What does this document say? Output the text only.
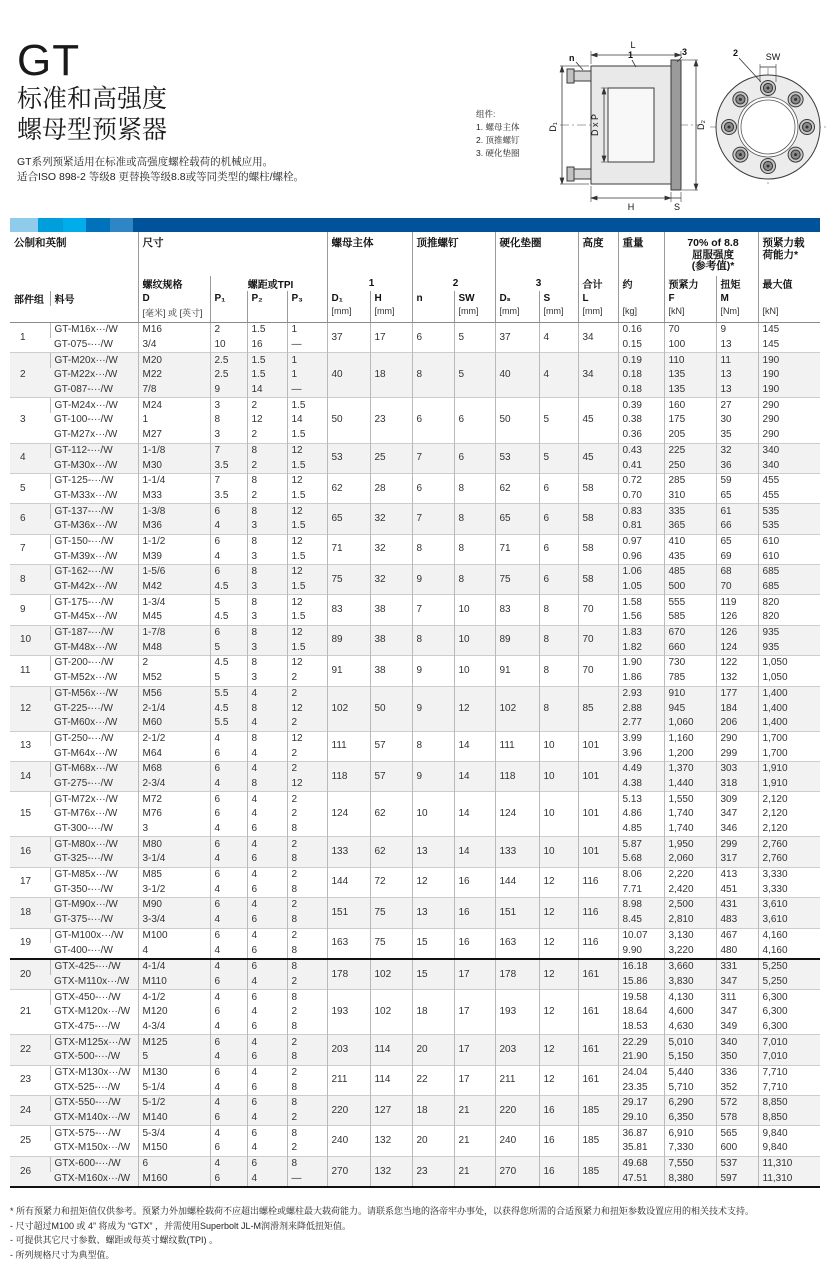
GT
标准和高强度
螺母型预紧器
GT系列预紧适用在标准或高强度螺栓载荷的机械应用。
适合ISO 898-2 等级8 更替换等级8.8或等同类型的螺柱/螺栓。
组件:
1. 螺母主体
2. 顶推螺钉
3. 硬化垫圈
L
n	1	3
D₁	D x P	D₂
H	S
SW
2
公制和英制	尺寸	螺母主体	顶推螺钉	硬化垫圈	高度	重量	70% of 8.8
屈服强度
(参考值)*

预紧力载
荷能力*

		螺纹规格	螺距或TPI			1		2		3		合计	约	预紧力	扭矩	最大值
部件组	料号	D	P₁	P₂	P₃	D₁	H	n	SW	Dₛ	S	L		F	M	
		[毫米] 或 [英寸]				[mm]	[mm]		[mm]	[mm]	[mm]	[mm]	[kg]	[kN]	[Nm]	[kN]
1	GT-M16x···/W	M16	2	1.5	1	37	17	6	5	37	4	34	0.16	70	9	145
	GT-075-···/W	3/4	10	16	—								0.15	100	13	145
2	GT-M20x···/W	M20	2.5	1.5	1	40	18	8	5	40	4	34	0.19	110	11	190
	GT-M22x···/W	M22	2.5	1.5	1								0.18	135	13	190
	GT-087-···/W	7/8	9	14	—								0.18	135	13	190
3	GT-M24x···/W	M24	3	2	1.5	50	23	6	6	50	5	45	0.39	160	27	290
	GT-100-···/W	1	8	12	14								0.38	175	30	290
	GT-M27x···/W	M27	3	2	1.5								0.36	205	35	290
4	GT-112-···/W	1-1/8	7	8	12	53	25	7	6	53	5	45	0.43	225	32	340
	GT-M30x···/W	M30	3.5	2	1.5								0.41	250	36	340
5	GT-125-···/W	1-1/4	7	8	12	62	28	6	8	62	6	58	0.72	285	59	455
	GT-M33x···/W	M33	3.5	2	1.5								0.70	310	65	455
6	GT-137-···/W	1-3/8	6	8	12	65	32	7	8	65	6	58	0.83	335	61	535
	GT-M36x···/W	M36	4	3	1.5								0.81	365	66	535
7	GT-150-···/W	1-1/2	6	8	12	71	32	8	8	71	6	58	0.97	410	65	610
	GT-M39x···/W	M39	4	3	1.5								0.96	435	69	610
8	GT-162-···/W	1-5/6	6	8	12	75	32	9	8	75	6	58	1.06	485	68	685
	GT-M42x···/W	M42	4.5	3	1.5								1.05	500	70	685
9	GT-175-···/W	1-3/4	5	8	12	83	38	7	10	83	8	70	1.58	555	119	820
	GT-M45x···/W	M45	4.5	3	1.5								1.56	585	126	820
10	GT-187-···/W	1-7/8	6	8	12	89	38	8	10	89	8	70	1.83	670	126	935
	GT-M48x···/W	M48	5	3	1.5								1.82	660	124	935
11	GT-200-···/W	2	4.5	8	12	91	38	9	10	91	8	70	1.90	730	122	1,050
	GT-M52x···/W	M52	5	3	2								1.86	785	132	1,050
12	GT-M56x···/W	M56	5.5	4	2	102	50	9	12	102	8	85	2.93	910	177	1,400
	GT-225-···/W	2-1/4	4.5	8	12								2.88	945	184	1,400
	GT-M60x···/W	M60	5.5	4	2								2.77	1,060	206	1,400
13	GT-250-···/W	2-1/2	4	8	12	111	57	8	14	111	10	101	3.99	1,160	290	1,700
	GT-M64x···/W	M64	6	4	2								3.96	1,200	299	1,700
14	GT-M68x···/W	M68	6	4	2	118	57	9	14	118	10	101	4.49	1,370	303	1,910
	GT-275-···/W	2-3/4	4	8	12								4.38	1,440	318	1,910
15	GT-M72x···/W	M72	6	4	2	124	62	10	14	124	10	101	5.13	1,550	309	2,120
	GT-M76x···/W	M76	6	4	2								4.86	1,740	347	2,120
	GT-300-···/W	3	4	6	8								4.85	1,740	346	2,120
16	GT-M80x···/W	M80	6	4	2	133	62	13	14	133	10	101	5.87	1,950	299	2,760
	GT-325-···/W	3-1/4	4	6	8								5.68	2,060	317	2,760
17	GT-M85x···/W	M85	6	4	2	144	72	12	16	144	12	116	8.06	2,220	413	3,330
	GT-350-···/W	3-1/2	4	6	8								7.71	2,420	451	3,330
18	GT-M90x···/W	M90	6	4	2	151	75	13	16	151	12	116	8.98	2,500	431	3,610
	GT-375-···/W	3-3/4	4	6	8								8.45	2,810	483	3,610
19	GT-M100x···/W	M100	6	4	2	163	75	15	16	163	12	116	10.07	3,130	467	4,160
	GT-400-···/W	4	4	6	8								9.90	3,220	480	4,160
20	GTX-425-···/W	4-1/4	4	6	8	178	102	15	17	178	12	161	16.18	3,660	331	5,250
	GTX-M110x···/W	M110	6	4	2								15.86	3,830	347	5,250
21	GTX-450-···/W	4-1/2	4	6	8	193	102	18	17	193	12	161	19.58	4,130	311	6,300
	GTX-M120x···/W	M120	6	4	2								18.64	4,600	347	6,300
	GTX-475-···/W	4-3/4	4	6	8								18.53	4,630	349	6,300
22	GTX-M125x···/W	M125	6	4	2	203	114	20	17	203	12	161	22.29	5,010	340	7,010
	GTX-500-···/W	5	4	6	8								21.90	5,150	350	7,010
23	GTX-M130x···/W	M130	6	4	2	211	114	22	17	211	12	161	24.04	5,440	336	7,710
	GTX-525-···/W	5-1/4	4	6	8								23.35	5,710	352	7,710
24	GTX-550-···/W	5-1/2	4	6	8	220	127	18	21	220	16	185	29.17	6,290	572	8,850
	GTX-M140x···/W	M140	6	4	2								29.10	6,350	578	8,850
25	GTX-575-···/W	5-3/4	4	6	8	240	132	20	21	240	16	185	36.87	6,910	565	9,840
	GTX-M150x···/W	M150	6	4	2								35.81	7,330	600	9,840
26	GTX-600-···/W	6	4	6	8	270	132	23	21	270	16	185	49.68	7,550	537	11,310
	GTX-M160x···/W	M160	6	4	—								47.51	8,380	597	11,310
* 所有预紧力和扭矩值仅供参考。预紧力外加螺栓载荷不应超出螺栓或螺柱最大载荷能力。请联系您当地的洛帝牢办事处，以获得您所需的合适预紧力和扭矩参数设置应用的相关技术支持。
- 尺寸超过M100 或 4” 将成为 “GTX” ，并需使用Superbolt JL-M润滑剂来降低扭矩值。
- 可提供其它尺寸参数、螺距或每英寸螺纹数(TPI) 。
- 所列规格尺寸为典型值。
